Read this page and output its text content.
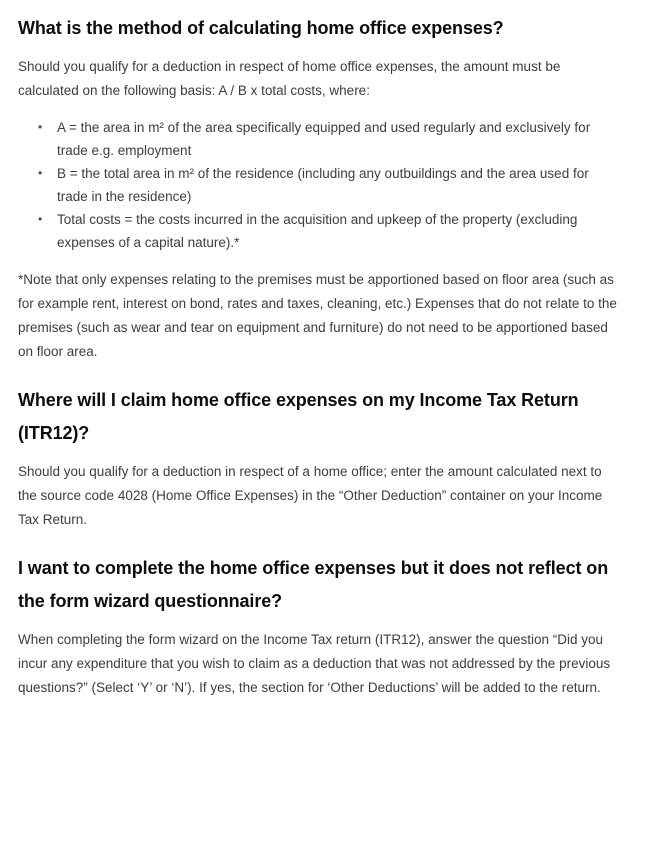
What is the method of calculating home office expenses?

Should you qualify for a deduction in respect of home office expenses, the amount must be calculated on the following basis: A / B x total costs, where:

• A = the area in m² of the area specifically equipped and used regularly and exclusively for trade e.g. employment
• B = the total area in m² of the residence (including any outbuildings and the area used for trade in the residence)
• Total costs = the costs incurred in the acquisition and upkeep of the property (excluding expenses of a capital nature).*

*Note that only expenses relating to the premises must be apportioned based on floor area (such as for example rent, interest on bond, rates and taxes, cleaning, etc.) Expenses that do not relate to the premises (such as wear and tear on equipment and furniture) do not need to be apportioned based on floor area.

Where will I claim home office expenses on my Income Tax Return (ITR12)?

Should you qualify for a deduction in respect of a home office; enter the amount calculated next to the source code 4028 (Home Office Expenses) in the “Other Deduction” container on your Income Tax Return.

I want to complete the home office expenses but it does not reflect on the form wizard questionnaire?

When completing the form wizard on the Income Tax return (ITR12), answer the question “Did you incur any expenditure that you wish to claim as a deduction that was not addressed by the previous questions?” (Select ‘Y’ or ‘N’). If yes, the section for ‘Other Deductions’ will be added to the return.
